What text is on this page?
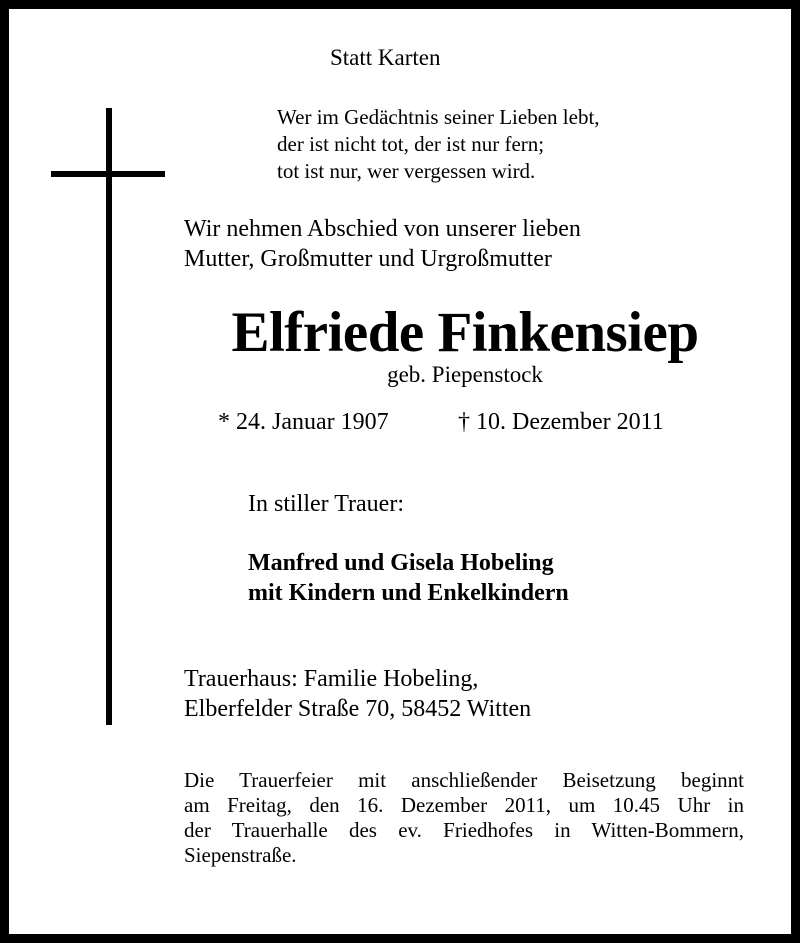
Statt Karten
Wer im Gedächtnis seiner Lieben lebt,
der ist nicht tot, der ist nur fern;
tot ist nur, wer vergessen wird.
Wir nehmen Abschied von unserer lieben
Mutter, Großmutter und Urgroßmutter
Elfriede Finkensiep
geb. Piepenstock
* 24. Januar 1907	† 10. Dezember 2011
In stiller Trauer:
Manfred und Gisela Hobeling
mit Kindern und Enkelkindern
Trauerhaus: Familie Hobeling,
Elberfelder Straße 70, 58452 Witten
Die Trauerfeier mit anschließender Beisetzung beginnt
am Freitag, den 16. Dezember 2011, um 10.45 Uhr in
der Trauerhalle des ev. Friedhofes in Witten-Bommern,
Siepenstraße.
